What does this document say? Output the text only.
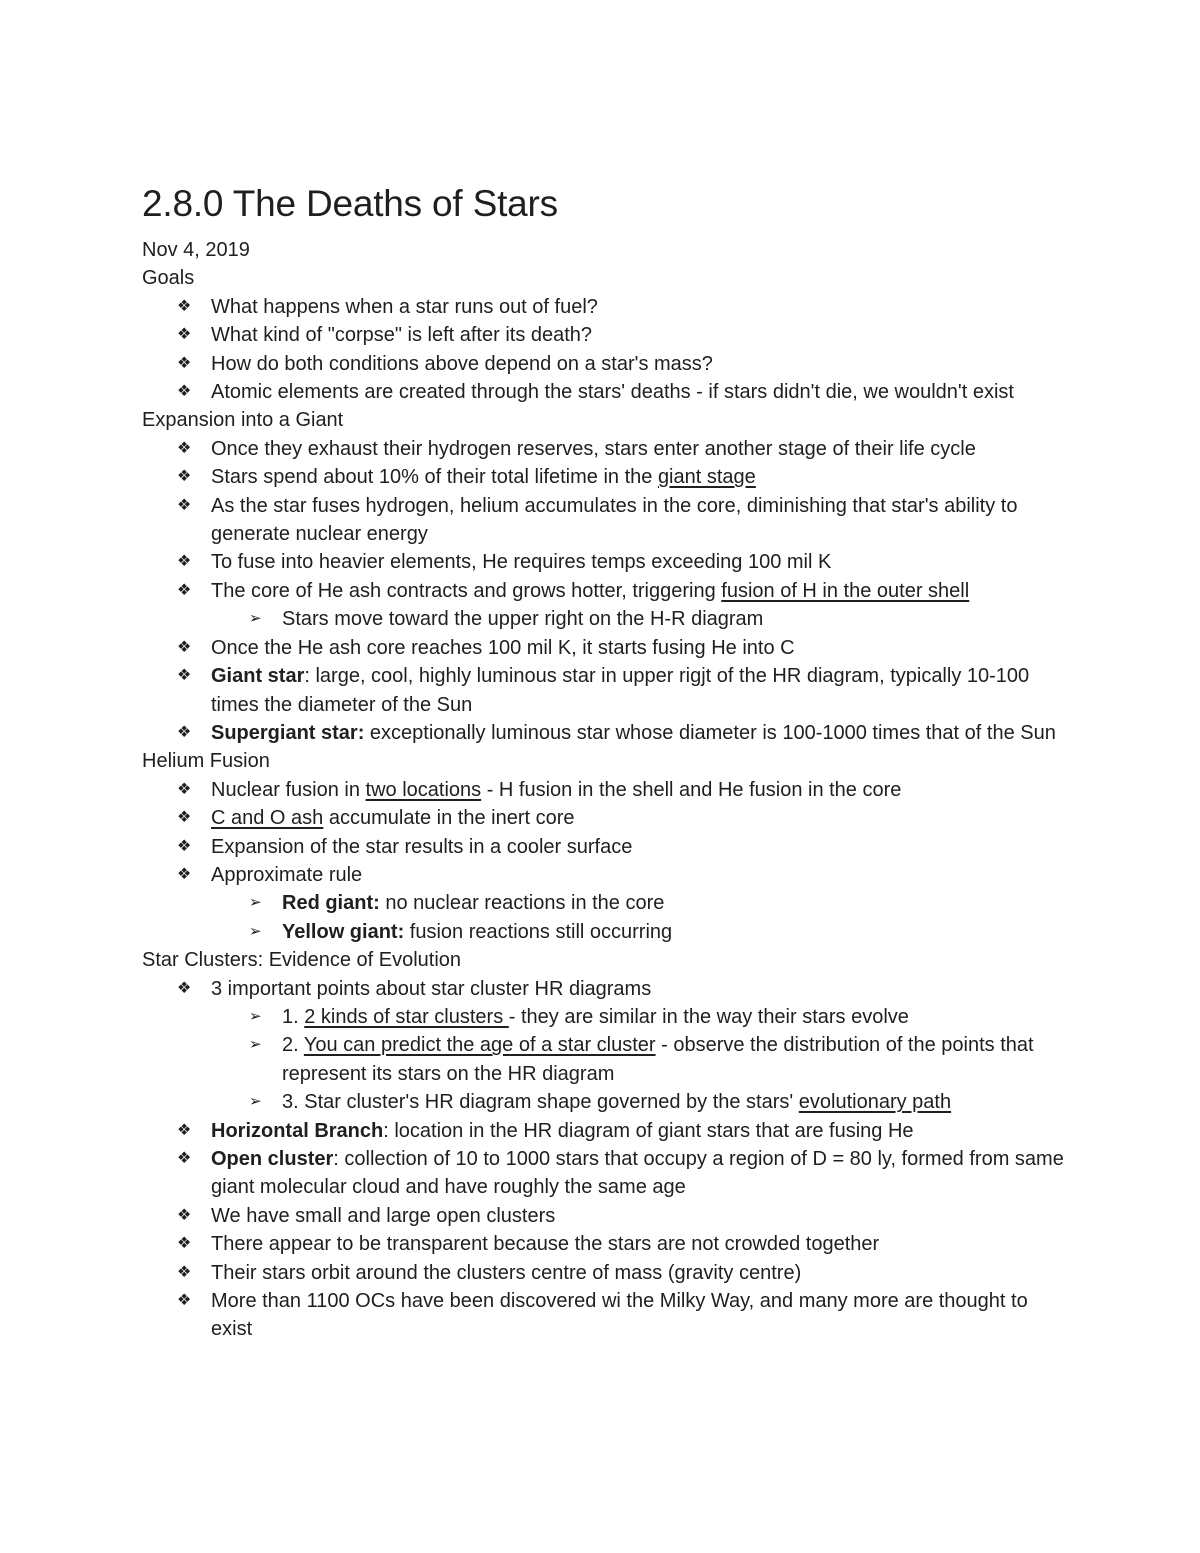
2.8.0 The Deaths of Stars
Nov 4, 2019
Goals
❖ What happens when a star runs out of fuel?
❖ What kind of "corpse" is left after its death?
❖ How do both conditions above depend on a star's mass?
❖ Atomic elements are created through the stars' deaths - if stars didn't die, we wouldn't exist
Expansion into a Giant
❖ Once they exhaust their hydrogen reserves, stars enter another stage of their life cycle
❖ Stars spend about 10% of their total lifetime in the giant stage
❖ As the star fuses hydrogen, helium accumulates in the core, diminishing that star's ability to generate nuclear energy
❖ To fuse into heavier elements, He requires temps exceeding 100 mil K
❖ The core of He ash contracts and grows hotter, triggering fusion of H in the outer shell
➢ Stars move toward the upper right on the H-R diagram
❖ Once the He ash core reaches 100 mil K, it starts fusing He into C
❖ Giant star: large, cool, highly luminous star in upper rigjt of the HR diagram, typically 10-100 times the diameter of the Sun
❖ Supergiant star: exceptionally luminous star whose diameter is 100-1000 times that of the Sun
Helium Fusion
❖ Nuclear fusion in two locations - H fusion in the shell and He fusion in the core
❖ C and O ash accumulate in the inert core
❖ Expansion of the star results in a cooler surface
❖ Approximate rule
➢ Red giant: no nuclear reactions in the core
➢ Yellow giant: fusion reactions still occurring
Star Clusters: Evidence of Evolution
❖ 3 important points about star cluster HR diagrams
➢ 1. 2 kinds of star clusters - they are similar in the way their stars evolve
➢ 2. You can predict the age of a star cluster - observe the distribution of the points that represent its stars on the HR diagram
➢ 3. Star cluster's HR diagram shape governed by the stars' evolutionary path
❖ Horizontal Branch: location in the HR diagram of giant stars that are fusing He
❖ Open cluster: collection of 10 to 1000 stars that occupy a region of D = 80 ly, formed from same giant molecular cloud and have roughly the same age
❖ We have small and large open clusters
❖ There appear to be transparent because the stars are not crowded together
❖ Their stars orbit around the clusters centre of mass (gravity centre)
❖ More than 1100 OCs have been discovered wi the Milky Way, and many more are thought to exist
